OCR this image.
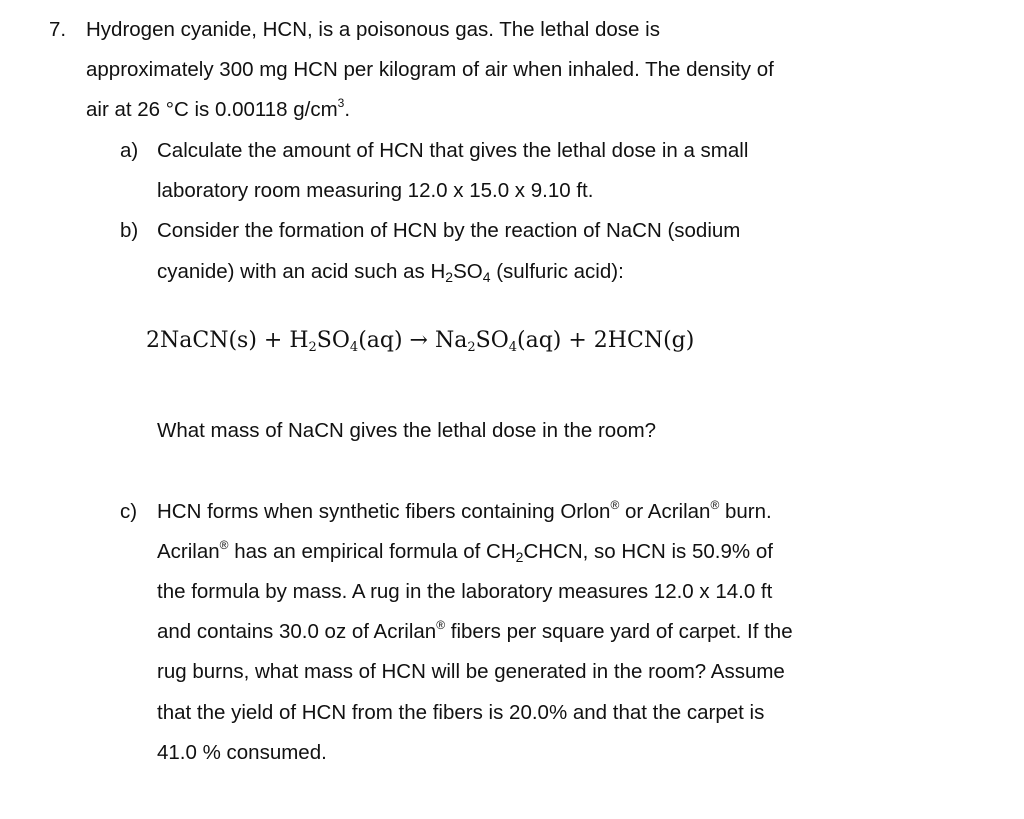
7. Hydrogen cyanide, HCN, is a poisonous gas. The lethal dose is
approximately 300 mg HCN per kilogram of air when inhaled. The density of
air at 26 °C is 0.00118 $g/cm^3$.
a) Calculate the amount of HCN that gives the lethal dose in a small
laboratory room measuring 12.0 x 15.0 x 9.10 ft.
b) Consider the formation of HCN by the reaction of NaCN (sodium
cyanide) with an acid such as $H_2SO_4$ (sulfuric acid):
2NaCN(s) + $H_2SO_4(aq) \to Na_2SO_4(aq) + 2HCN(g)$
What mass of NaCN gives the lethal dose in the room?
c) HCN forms when synthetic fibers containing Orlon® or Acrilan® burn.
Acrilan® has an empirical formula of $CH_2CHCN$, so HCN is 50.9% of
the formula by mass. A rug in the laboratory measures 12.0 x 14.0 ft
and contains 30.0 oz of Acrilan® fibers per square yard of carpet. If the
rug burns, what mass of HCN will be generated in the room? Assume
that the yield of HCN from the fibers is 20.0% and that the carpet is
41.0 % consumed.
